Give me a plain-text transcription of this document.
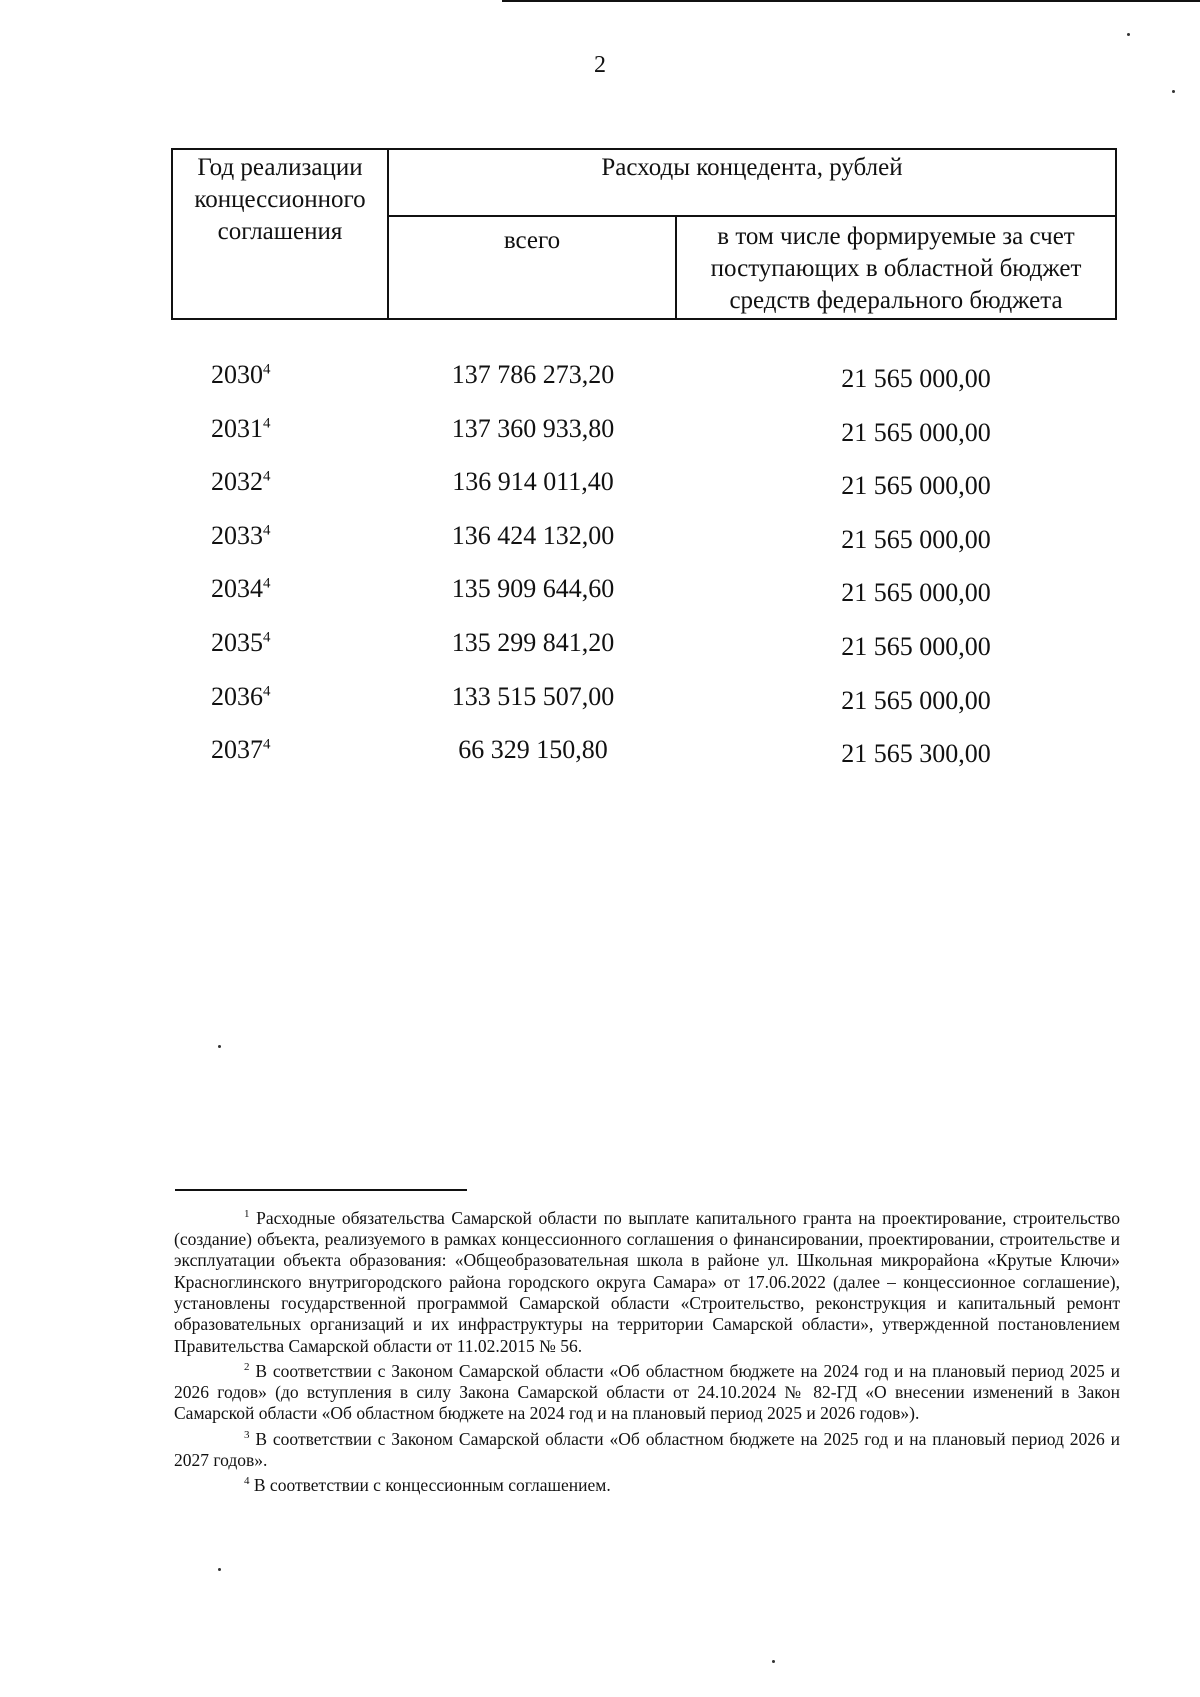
2
Год реализации концессионного соглашения	Расходы концедента, рублей	
	всего	в том числе формируемые за счет поступающих в областной бюджет средств федерального бюджета
2030$^4$	137 786 273,20	21 565 000,00
2031$^4$	137 360 933,80	21 565 000,00
2032$^4$	136 914 011,40	21 565 000,00
2033$^4$	136 424 132,00	21 565 000,00
2034$^4$	135 909 644,60	21 565 000,00
2035$^4$	135 299 841,20	21 565 000,00
2036$^4$	133 515 507,00	21 565 000,00
2037$^4$	66 329 150,80	21 565 300,00

$^1$ Расходные обязательства Самарской области по выплате капитального гранта на проектирование, строительство (создание) объекта, реализуемого в рамках концессионного соглашения о финансировании, проектировании, строительстве и эксплуатации объекта образования: «Общеобразовательная школа в районе ул. Школьная микрорайона «Крутые Ключи» Красноглинского внутригородского района городского округа Самара» от 17.06.2022 (далее – концессионное соглашение), установлены государственной программой Самарской области «Строительство, реконструкция и капитальный ремонт образовательных организаций и их инфраструктуры на территории Самарской области», утвержденной постановлением Правительства Самарской области от 11.02.2015 № 56.

$^2$ В соответствии с Законом Самарской области «Об областном бюджете на 2024 год и на плановый период 2025 и 2026 годов» (до вступления в силу Закона Самарской области от 24.10.2024 № 82-ГД «О внесении изменений в Закон Самарской области «Об областном бюджете на 2024 год и на плановый период 2025 и 2026 годов»).

$^3$ В соответствии с Законом Самарской области «Об областном бюджете на 2025 год и на плановый период 2026 и 2027 годов».

$^4$ В соответствии с концессионным соглашением.
